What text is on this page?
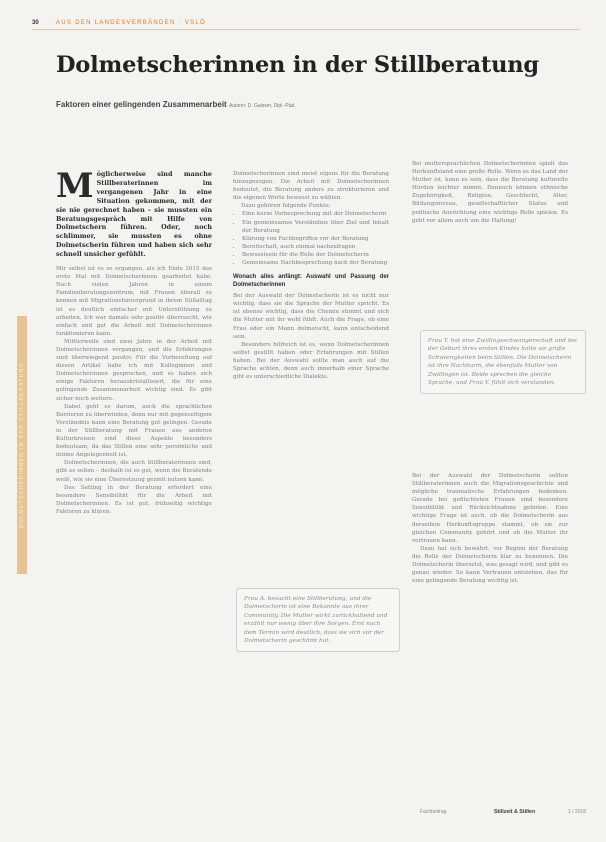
30	AUS DEN LANDESVERBÄNDEN · VSLÖ
Dolmetscherinnen in der Stillberatung
Faktoren einer gelingenden Zusammenarbeit Autorin: D. Gaisser, Dipl.-Päd.
DOLMETSCHERINNEN IN DER STILLBERATUNG
M öglicherweise sind manche Stillberaterinnen im vergangenen Jahr in eine Situation gekommen, mit der sie nie gerechnet haben – sie mussten ein Beratungsgespräch mit Hilfe von Dolmetschern führen. Oder, noch schlimmer, sie mussten es ohne Dolmetscherin führen und haben sich sehr schnell unsicher gefühlt.

Mir selbst ist es so ergangen, als ich Ende 2015 das erste Mal mit Dolmetscherinnen gearbeitet habe. Nach vielen Jahren in einem Familienberatungszentrum, mit Frauen überall zu kennen mit Migrationshintergrund in ihrem Stillalltag ist es deutlich einfacher mit Unterstützung zu arbeiten. Ich war damals sehr positiv überrascht, wie einfach und gut die Arbeit mit Dolmetscherinnen funktionieren kann.

Mittlerweile sind zwei Jahre in der Arbeit mit Dolmetscherinnen vergangen, und die Erfahrungen sind überwiegend positiv. Für die Vorbereitung auf diesen Artikel habe ich mit Kolleginnen und Dolmetscherinnen gesprochen, und es haben sich einige Faktoren herauskristallisiert, die für eine gelingende Zusammenarbeit wichtig sind. Es gibt sicher noch weitere.

Dabei geht es darum, auch die sprachlichen Barrieren zu überwinden, denn nur mit gegenseitigem Verständnis kann eine Beratung gut gelingen. Gerade in der Stillberatung mit Frauen aus anderen Kulturkreisen sind diese Aspekte besonders bedeutsam, da das Stillen eine sehr persönliche und intime Angelegenheit ist.

Dolmetscherinnen, die auch Stillberaterinnen sind, gibt es selten – deshalb ist es gut, wenn die Beratende weiß, wie sie eine Übersetzung gezielt nutzen kann.

Das Setting in der Beratung erfordert eine besondere Sensibilität für die Arbeit mit Dolmetscherinnen. Es ist gut, frühzeitig wichtige Faktoren zu klären.

Dolmetscherinnen sind meist eigens für die Beratung hinzugezogen. Die Arbeit mit Dolmetscherinnen bedeutet, die Beratung anders zu strukturieren und die eigenen Worte bewusst zu wählen.

Dazu gehören folgende Punkte:

• Eine kurze Vorbesprechung mit der Dolmetscherin
• Ein gemeinsames Verständnis über Ziel und Inhalt der Beratung
• Klärung von Fachbegriffen vor der Beratung
• Bereitschaft, auch einmal nachzufragen
• Bewusstsein für die Rolle der Dolmetscherin
• Gemeinsame Nachbesprechung nach der Beratung
Wonach alles anfängt: Auswahl und Passung der Dolmetscherinnen

Bei der Auswahl der Dolmetscherin ist es nicht nur wichtig, dass sie die Sprache der Mutter spricht. Es ist ebenso wichtig, dass die Chemie stimmt und sich die Mutter mit ihr wohl fühlt. Auch die Frage, ob eine Frau oder ein Mann dolmetscht, kann entscheidend sein.

Besonders hilfreich ist es, wenn Dolmetscherinnen selbst gestillt haben oder Erfahrungen mit Stillen haben. Bei der Auswahl sollte man auch auf die Sprache achten, denn auch innerhalb einer Sprache gibt es unterschiedliche Dialekte.

Frau A. besucht eine Stillberatung, und die Dolmetscherin ist eine Bekannte aus ihrer Community. Die Mutter wirkt zurückhaltend und erzählt nur wenig über ihre Sorgen. Erst nach dem Termin wird deutlich, dass sie sich vor der Dolmetscherin geschämt hat.

Bei muttersprachlichen Dolmetscherinnen spielt das Herkunftsland eine große Rolle. Wenn es das Land der Mutter ist, kann es sein, dass die Beratung kulturelle Hürden leichter nimmt. Dennoch können ethnische Zugehörigkeit, Religion, Geschlecht, Alter, Bildungsniveau, gesellschaftlicher Status und politische Ausrichtung eine wichtige Rolle spielen. Es geht vor allem auch um die Haltung!

Frau Y. hat eine Zwillingsschwangerschaft und bei der Geburt ihres ersten Kindes hatte sie große Schwierigkeiten beim Stillen. Die Dolmetscherin ist ihre Nachbarin, die ebenfalls Mutter von Zwillingen ist. Beide sprechen die gleiche Sprache, und Frau Y. fühlt sich verstanden.

Bei der Auswahl der Dolmetscherin sollten Stillberaterinnen auch die Migrationsgeschichte und mögliche traumatische Erfahrungen bedenken. Gerade bei geflüchteten Frauen sind besondere Sensibilität und Rücksichtnahme geboten. Eine wichtige Frage ist auch, ob die Dolmetscherin aus derselben Herkunftsgruppe stammt, ob sie zur gleichen Community gehört und ob die Mutter ihr vertrauen kann.

Dazu hat sich bewährt, vor Beginn der Beratung die Rolle der Dolmetscherin klar zu benennen. Die Dolmetscherin übersetzt, was gesagt wird, und gibt es genau wieder. So kann Vertrauen entstehen, das für eine gelingende Beratung wichtig ist.

Fachbeitrag	Stillzeit & Stillen	1 / 2018
